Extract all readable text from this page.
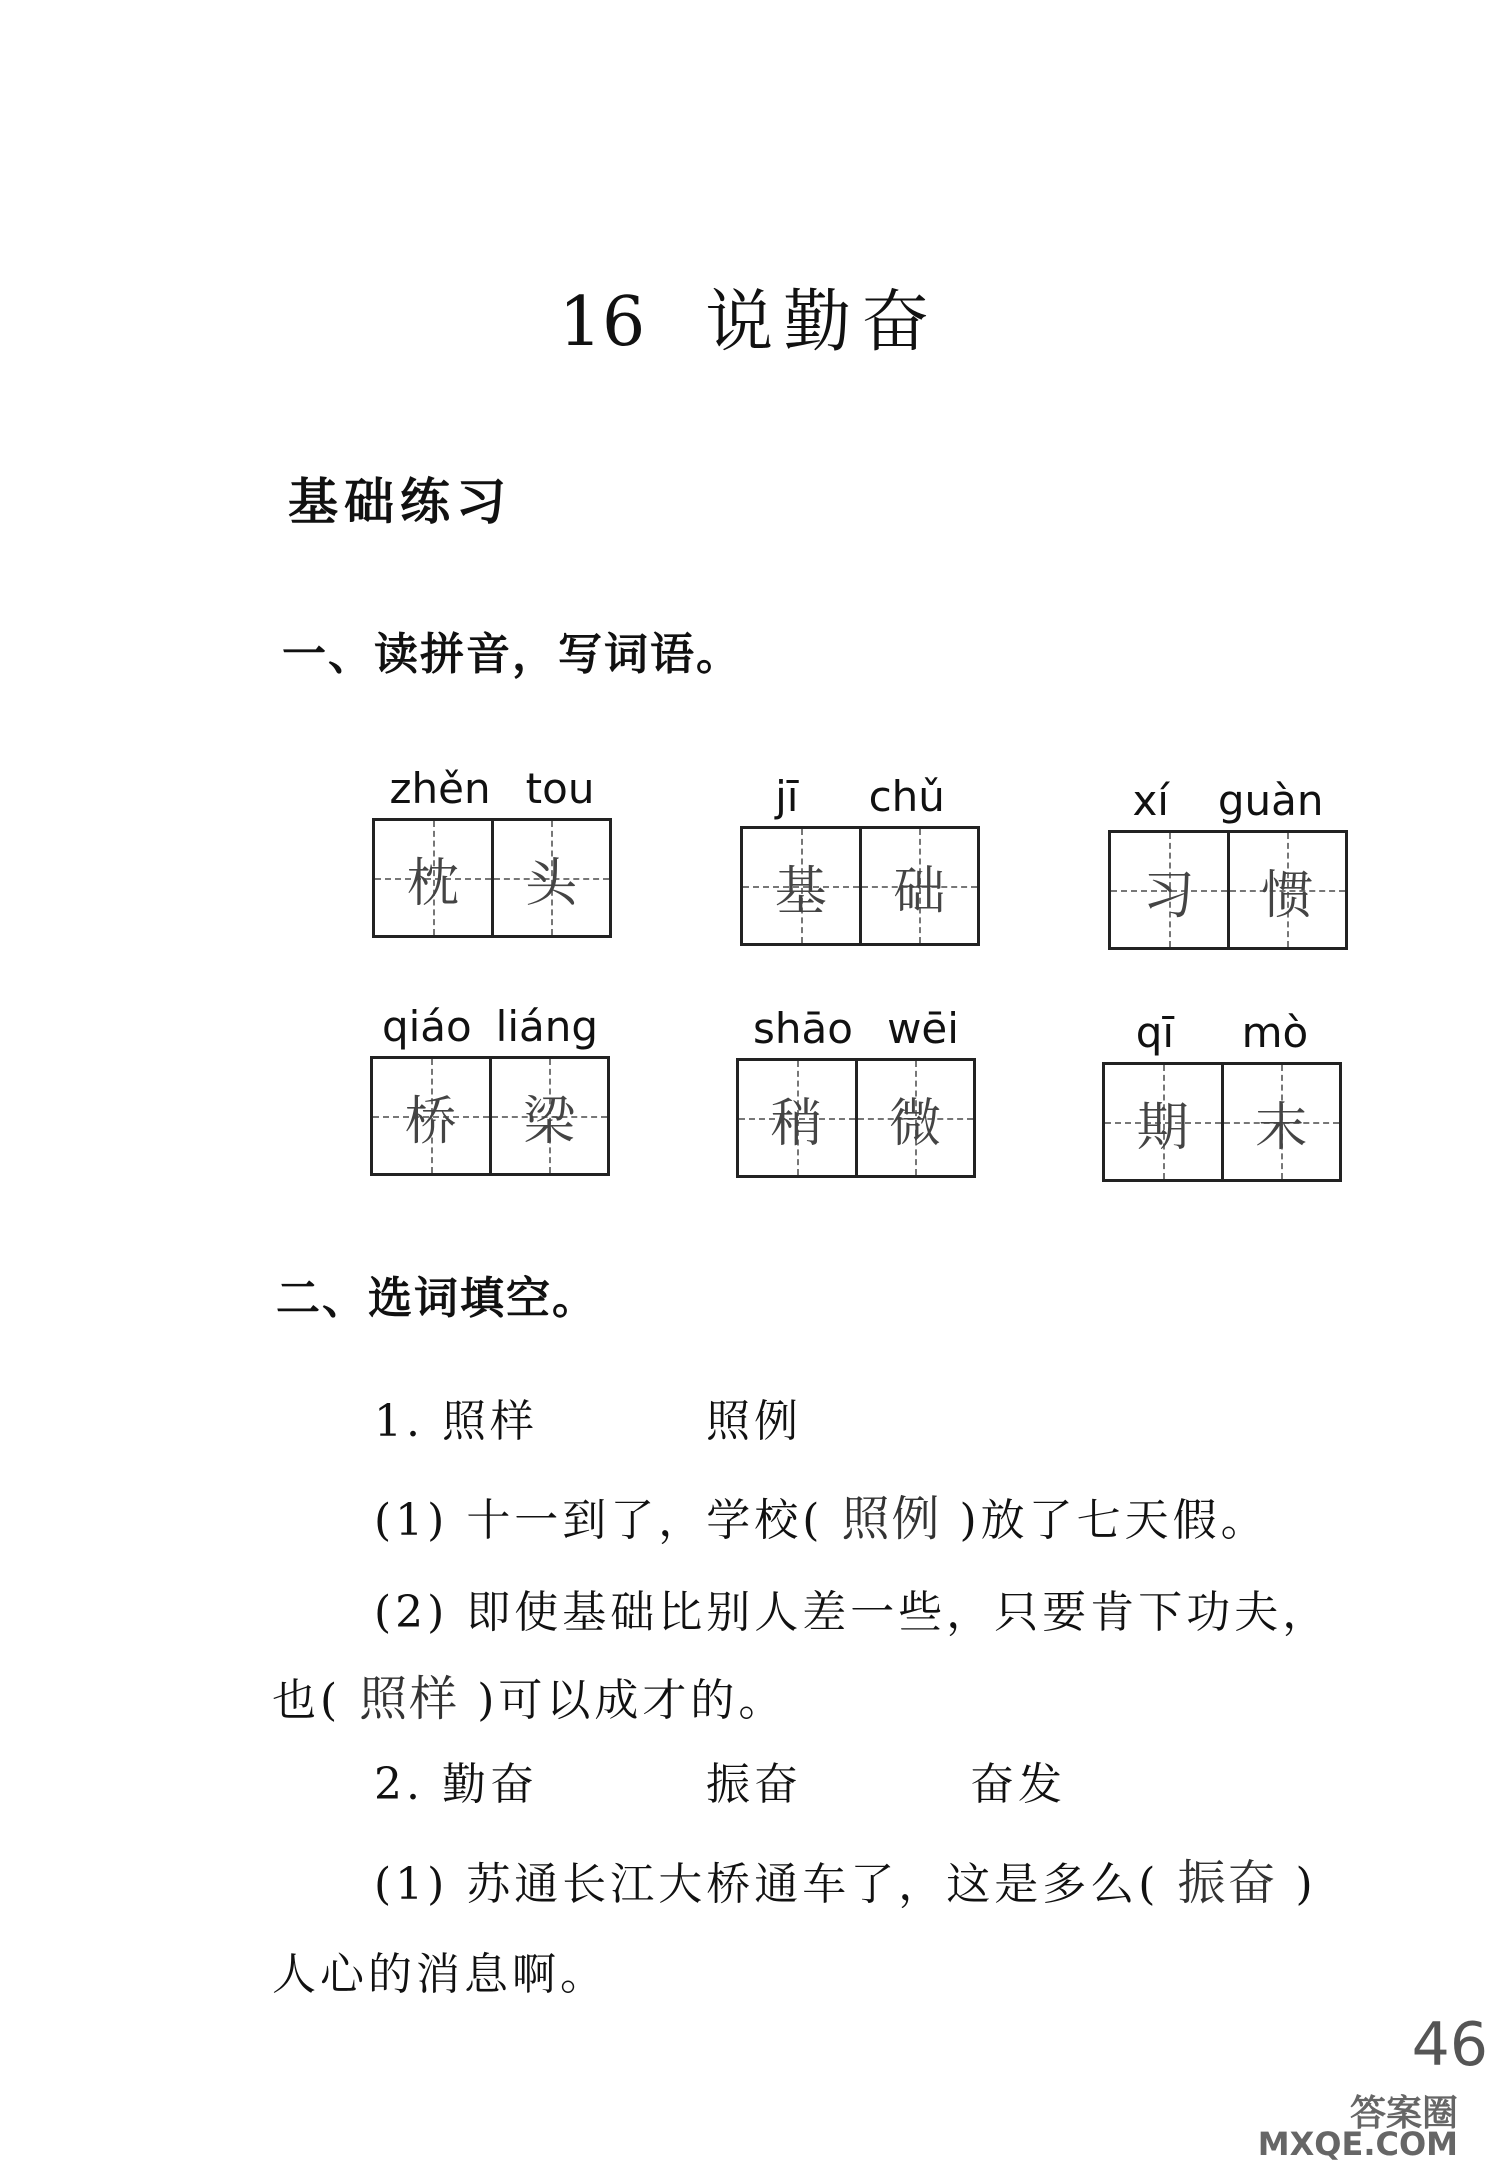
16 说勤奋
基础练习
一、读拼音，写词语。
zhěn tou
枕 头
jī chǔ
基 础
xí guàn
习 惯
qiáo liáng
桥 梁
shāo wēi
稍 微
qī mò
期 末
二、选词填空。
1. 照样	照例
(1) 十一到了，学校( 照例 )放了七天假。
(2) 即使基础比别人差一些，只要肯下功夫，
也( 照样 )可以成才的。
2. 勤奋	振奋	奋发
(1) 苏通长江大桥通车了，这是多么( 振奋 )
人心的消息啊。
46
答案圈
MXQE.COM
